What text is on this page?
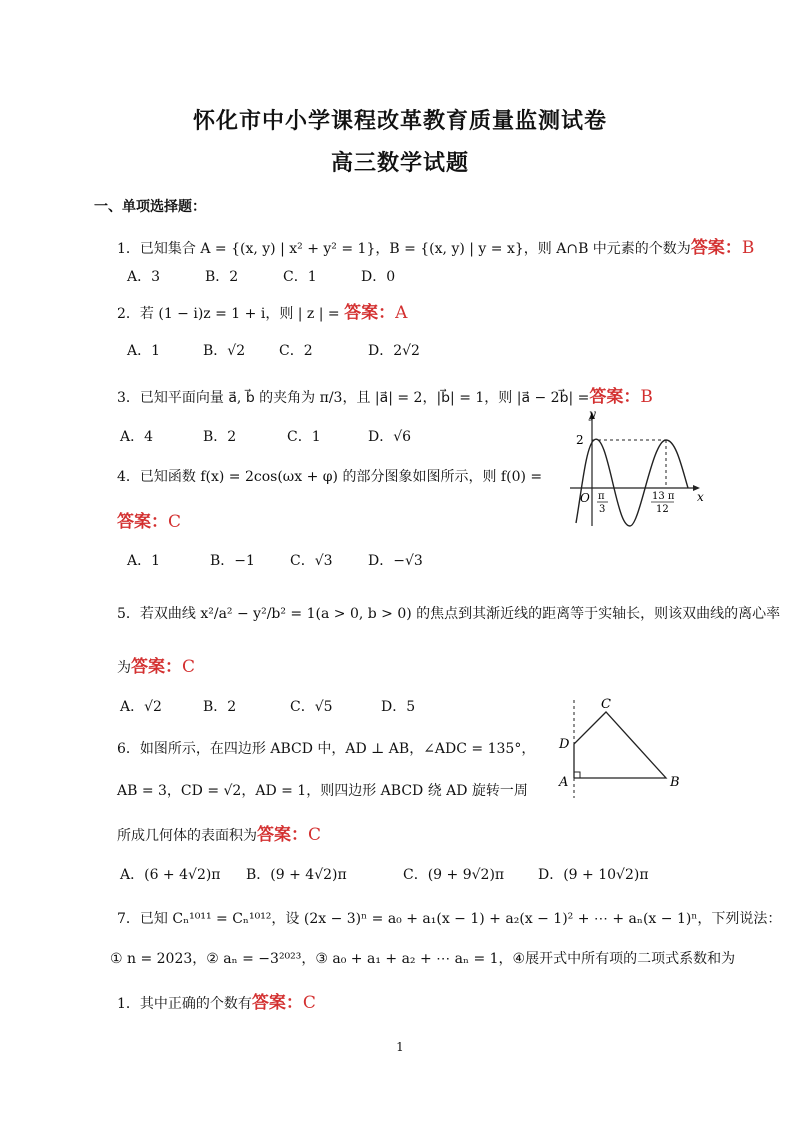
怀化市中小学课程改革教育质量监测试卷
高三数学试题
一、单项选择题：
1．已知集合 A = {(x, y) | x² + y² = 1}，B = {(x, y) | y = x}，则 A∩B 中元素的个数为答案：B
A．3	B．2	C．1	D．0
2．若 (1 − i)z = 1 + i，则 | z | = 答案：A
A．1	B．√2 C．2	D．2√2
3．已知平面向量 a⃗, b⃗ 的夹角为 π/3，且 |a⃗| = 2，|b⃗| = 1，则 |a⃗ − 2b⃗| =答案：B
A．4	B．2	C．1	D．√6
4．已知函数 f(x) = 2cos(ωx + φ) 的部分图象如图所示，则 f(0) =
答案：C
A．1	B．−1	C．√3	D．−√3
y
x
O
2
π
3
13 π
12
5．若双曲线 x²/a² − y²/b² = 1(a > 0, b > 0) 的焦点到其渐近线的距离等于实轴长，则该双曲线的离心率
为答案：C
A．√2	B．2	C．√5	D．5	C
D
A	B
6．如图所示，在四边形 ABCD 中，AD ⊥ AB，∠ADC = 135°，
AB = 3，CD = √2，AD = 1，则四边形 ABCD 绕 AD 旋转一周
所成几何体的表面积为答案：C
A．(6 + 4√2)π B．(9 + 4√2)π	C．(9 + 9√2)π D．(9 + 10√2)π
7．已知 Cₙ¹⁰¹¹ = Cₙ¹⁰¹²，设 (2x − 3)ⁿ = a₀ + a₁(x − 1) + a₂(x − 1)² + ⋯ + aₙ(x − 1)ⁿ，下列说法：
① n = 2023，② aₙ = −3²⁰²³，③ a₀ + a₁ + a₂ + ⋯ aₙ = 1，④展开式中所有项的二项式系数和为
1．其中正确的个数有答案：C
1
